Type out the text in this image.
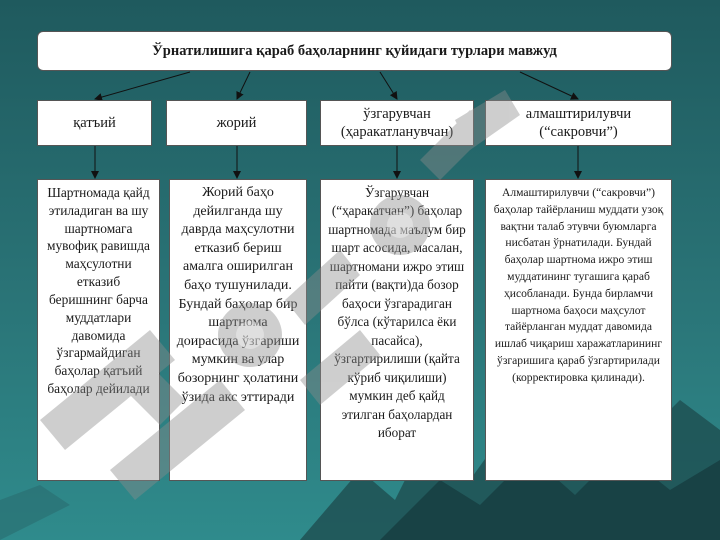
Ўрнатилишига қараб баҳоларнинг қуйидаги турлари мавжуд
қатъий	жорий
ўзгарувчан (ҳаракатланувчан)
алмаштирилувчи (“сакровчи”)
Шартномада қайд этиладиган ва шу шартномага мувофиқ равишда маҳсулотни етказиб беришнинг барча муддатлари давомида ўзгармайдиган баҳолар қатъий баҳолар дейилади
Жорий баҳо дейилганда шу даврда маҳсулотни етказиб бериш амалга оширилган баҳо тушунилади. Бундай баҳолар бир шартнома доирасида ўзгариши мумкин ва улар бозорнинг ҳолатини ўзида акс эттиради
Ўзгарувчан (“ҳаракатчан”) баҳолар шартномада маълум бир шарт асосида, масалан, шартномани ижро этиш пайти (вақти)да бозор баҳоси ўзгарадиган бўлса (кўтарилса ёки пасайса), ўзгартирилиши (қайта кўриб чиқилиши) мумкин деб қайд этилган баҳолардан иборат
Алмаштирилувчи (“сакровчи”) баҳолар тайёрланиш муддати узоқ вақтни талаб этувчи буюмларга нисбатан ўрнатилади. Бундай баҳолар шартнома ижро этиш муддатининг тугашига қараб ҳисобланади. Бунда бирламчи шартнома баҳоси маҳсулот тайёрланган муддат давомида ишлаб чиқариш харажатларининг ўзгаришига қараб ўзгартирилади (корректировка қилинади).
